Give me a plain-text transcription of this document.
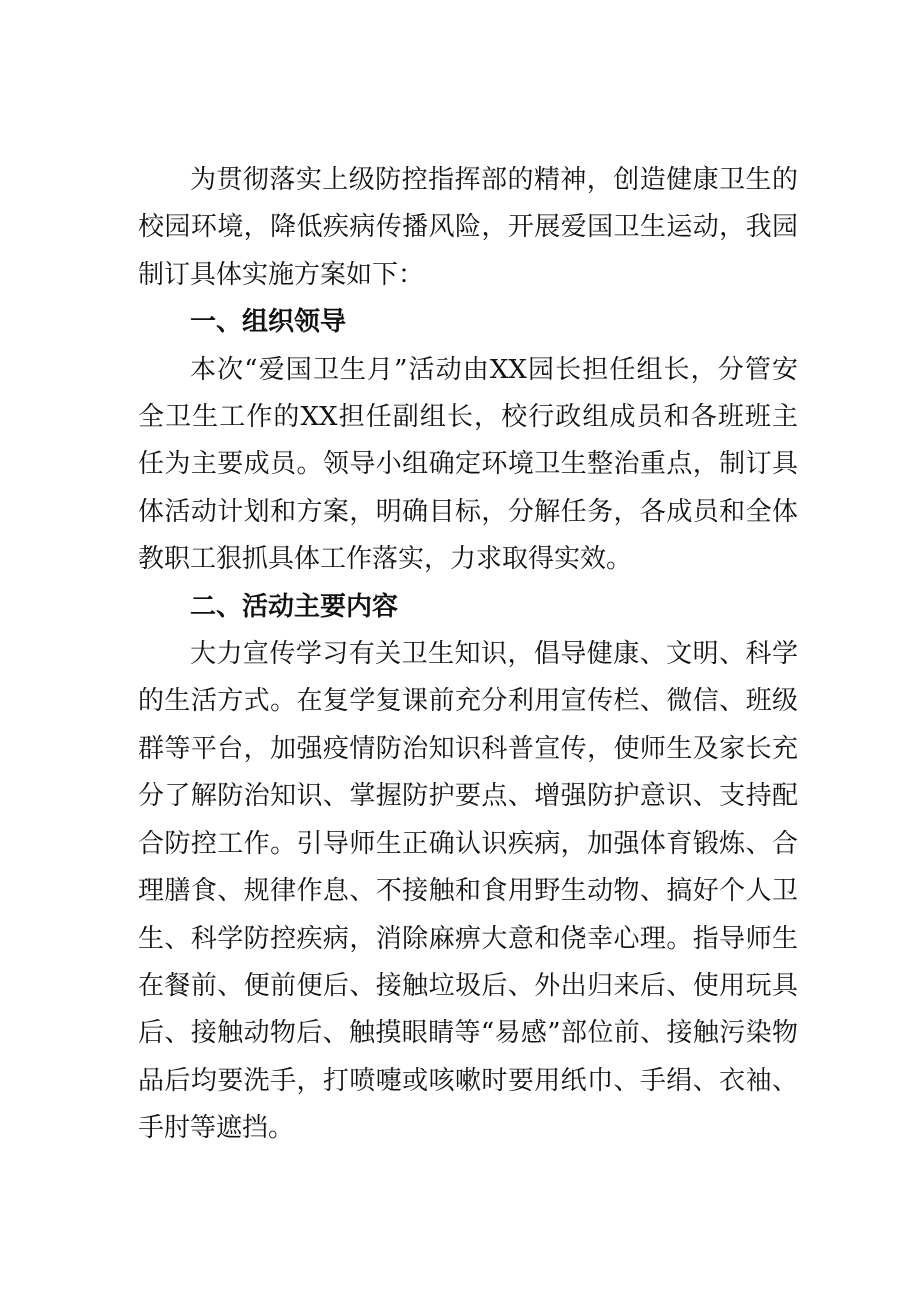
为贯彻落实上级防控指挥部的精神，创造健康卫生的校园环境，降低疾病传播风险，开展爱国卫生运动，我园制订具体实施方案如下：

一、组织领导

本次“爱国卫生月”活动由XX园长担任组长，分管安全卫生工作的XX担任副组长，校行政组成员和各班班主任为主要成员。领导小组确定环境卫生整治重点，制订具体活动计划和方案，明确目标，分解任务，各成员和全体教职工狠抓具体工作落实，力求取得实效。

二、活动主要内容

大力宣传学习有关卫生知识，倡导健康、文明、科学的生活方式。在复学复课前充分利用宣传栏、微信、班级群等平台，加强疫情防治知识科普宣传，使师生及家长充分了解防治知识、掌握防护要点、增强防护意识、支持配合防控工作。引导师生正确认识疾病，加强体育锻炼、合理膳食、规律作息、不接触和食用野生动物、搞好个人卫生、科学防控疾病，消除麻痹大意和侥幸心理。指导师生在餐前、便前便后、接触垃圾后、外出归来后、使用玩具后、接触动物后、触摸眼睛等“易感”部位前、接触污染物品后均要洗手，打喷嚏或咳嗽时要用纸巾、手绢、衣袖、手肘等遮挡。
